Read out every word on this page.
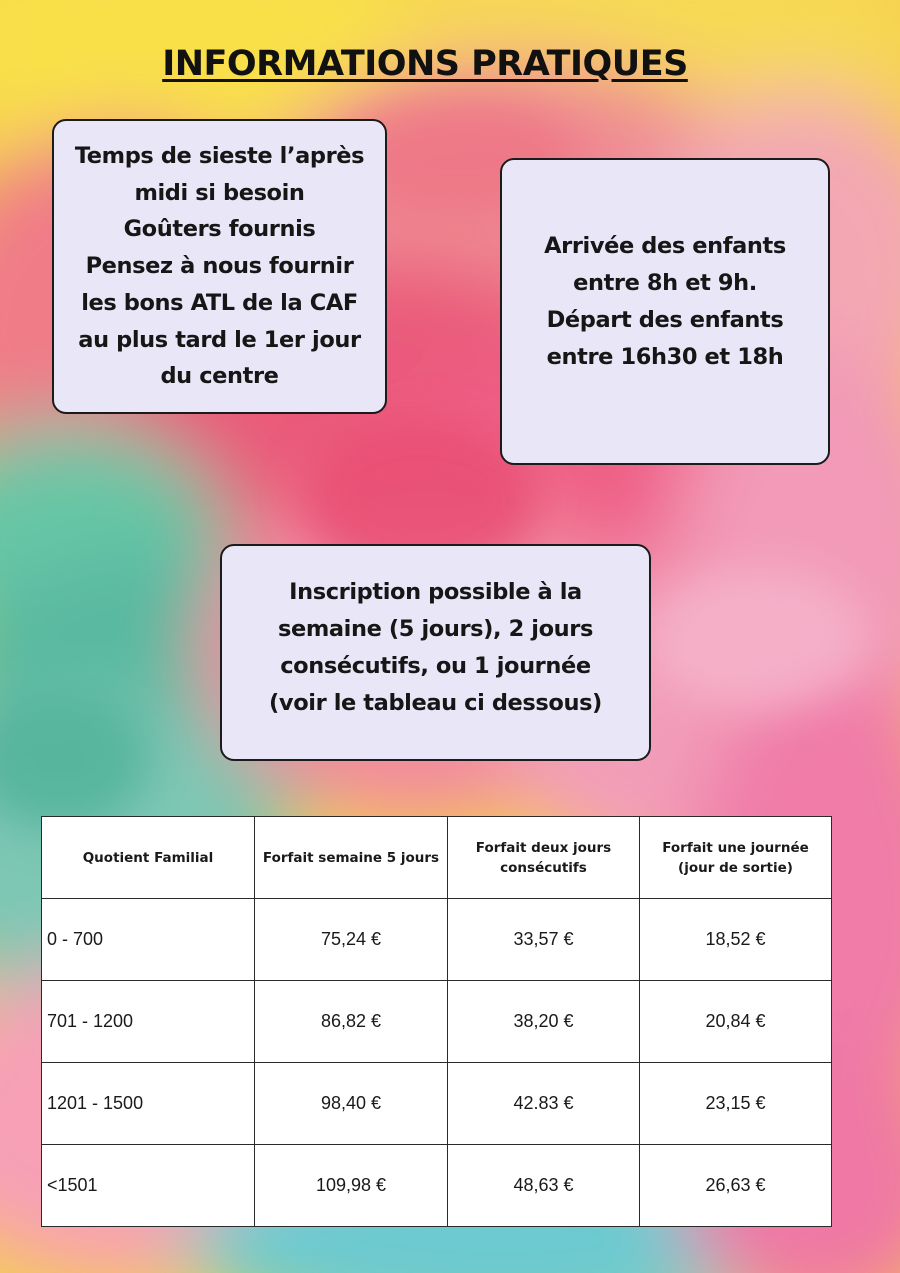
INFORMATIONS PRATIQUES
Temps de sieste l’après
midi si besoin
Goûters fournis
Pensez à nous fournir
les bons ATL de la CAF
au plus tard le 1er jour
du centre
Arrivée des enfants
entre 8h et 9h.
Départ des enfants
entre 16h30 et 18h
Inscription possible à la
semaine (5 jours), 2 jours
consécutifs, ou 1 journée
(voir le tableau ci dessous)
Quotient Familial	Forfait semaine 5 jours	Forfait deux jours consécutifs	Forfait une journée (jour de sortie)
0 - 700	75,24 €	33,57 €	18,52 €
701 - 1200	86,82 €	38,20 €	20,84 €
1201 - 1500	98,40 €	42.83 €	23,15 €
<1501	109,98 €	48,63 €	26,63 €
